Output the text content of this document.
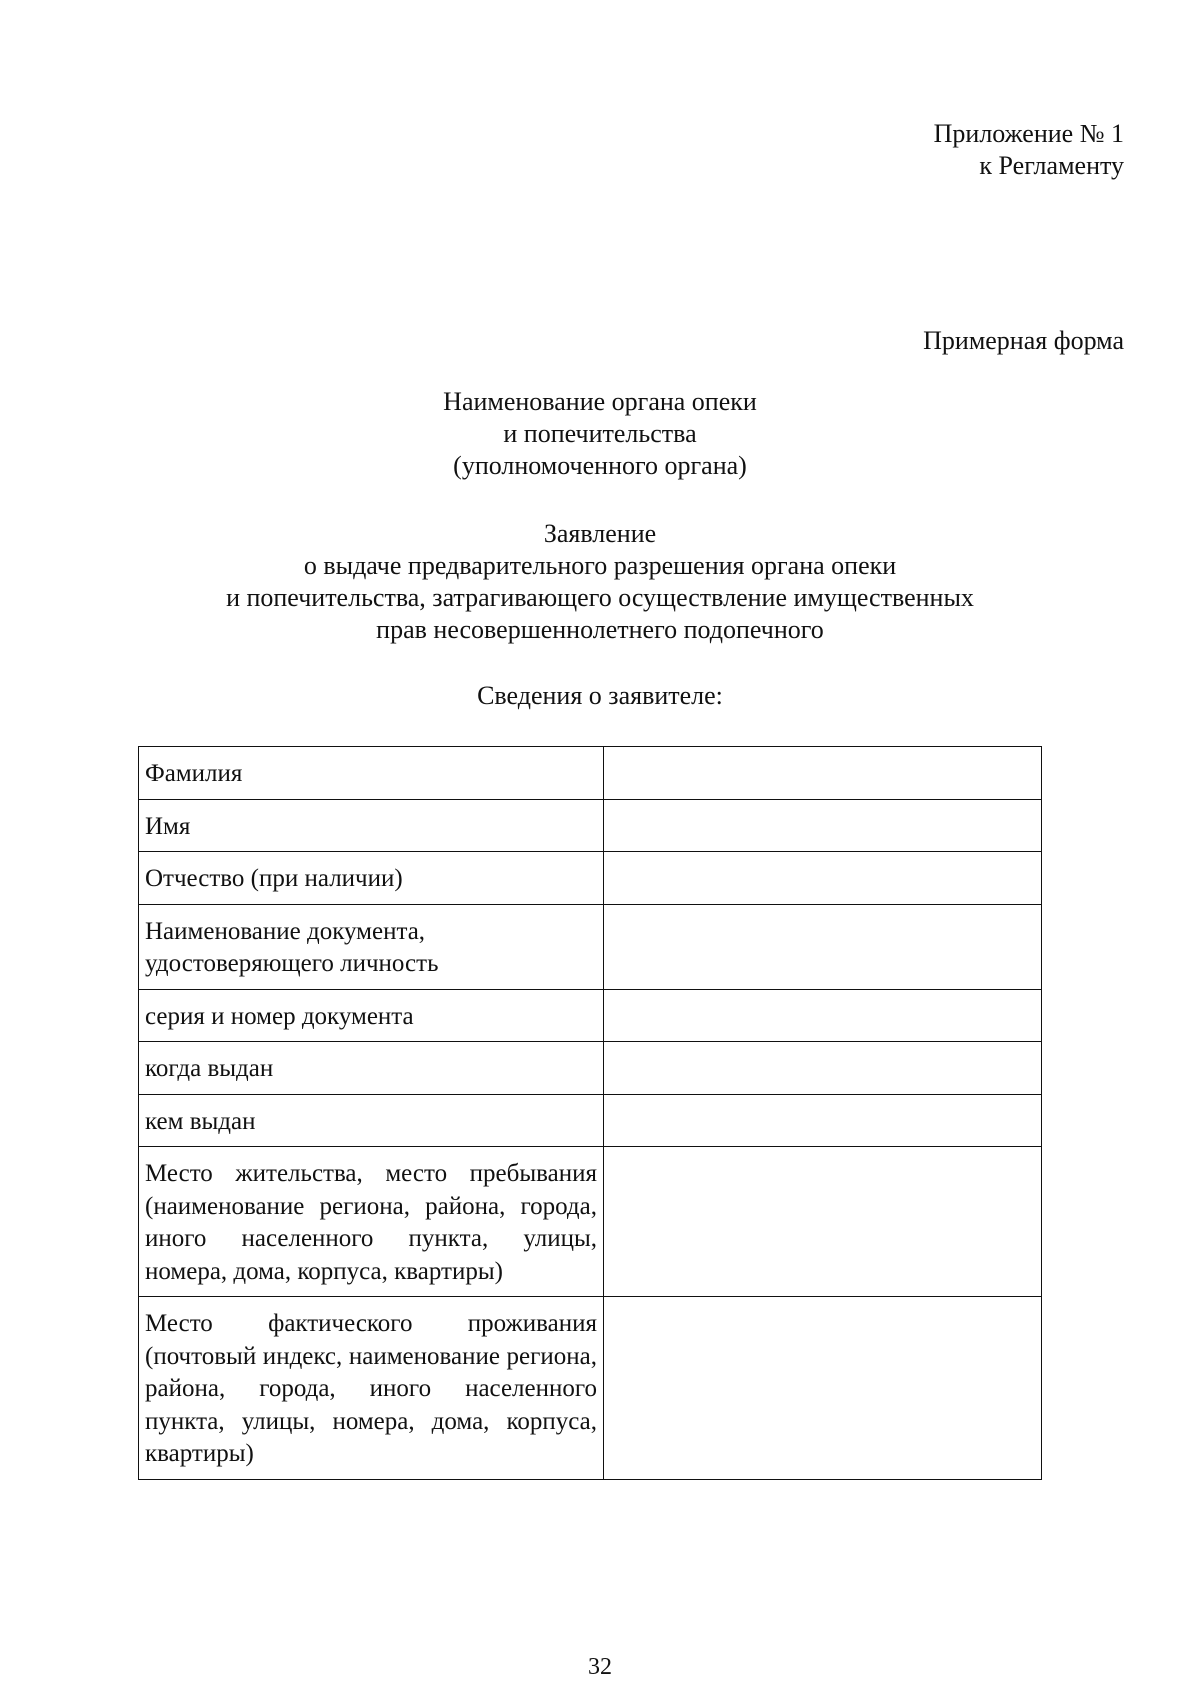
Приложение № 1
к Регламенту
Примерная форма
Наименование органа опеки
и попечительства
(уполномоченного органа)
Заявление
о выдаче предварительного разрешения органа опеки
и попечительства, затрагивающего осуществление имущественных
прав несовершеннолетнего подопечного
Сведения о заявителе:
Фамилия	
Имя	
Отчество (при наличии)	
Наименование документа, удостоверяющего личность	
серия и номер документа	
когда выдан	
кем выдан	
Место жительства, место пребывания (наименование региона, района, города, иного населенного пункта, улицы, номера, дома, корпуса, квартиры)	
Место фактического проживания (почтовый индекс, наименование региона, района, города, иного населенного пункта, улицы, номера, дома, корпуса, квартиры)	
32
